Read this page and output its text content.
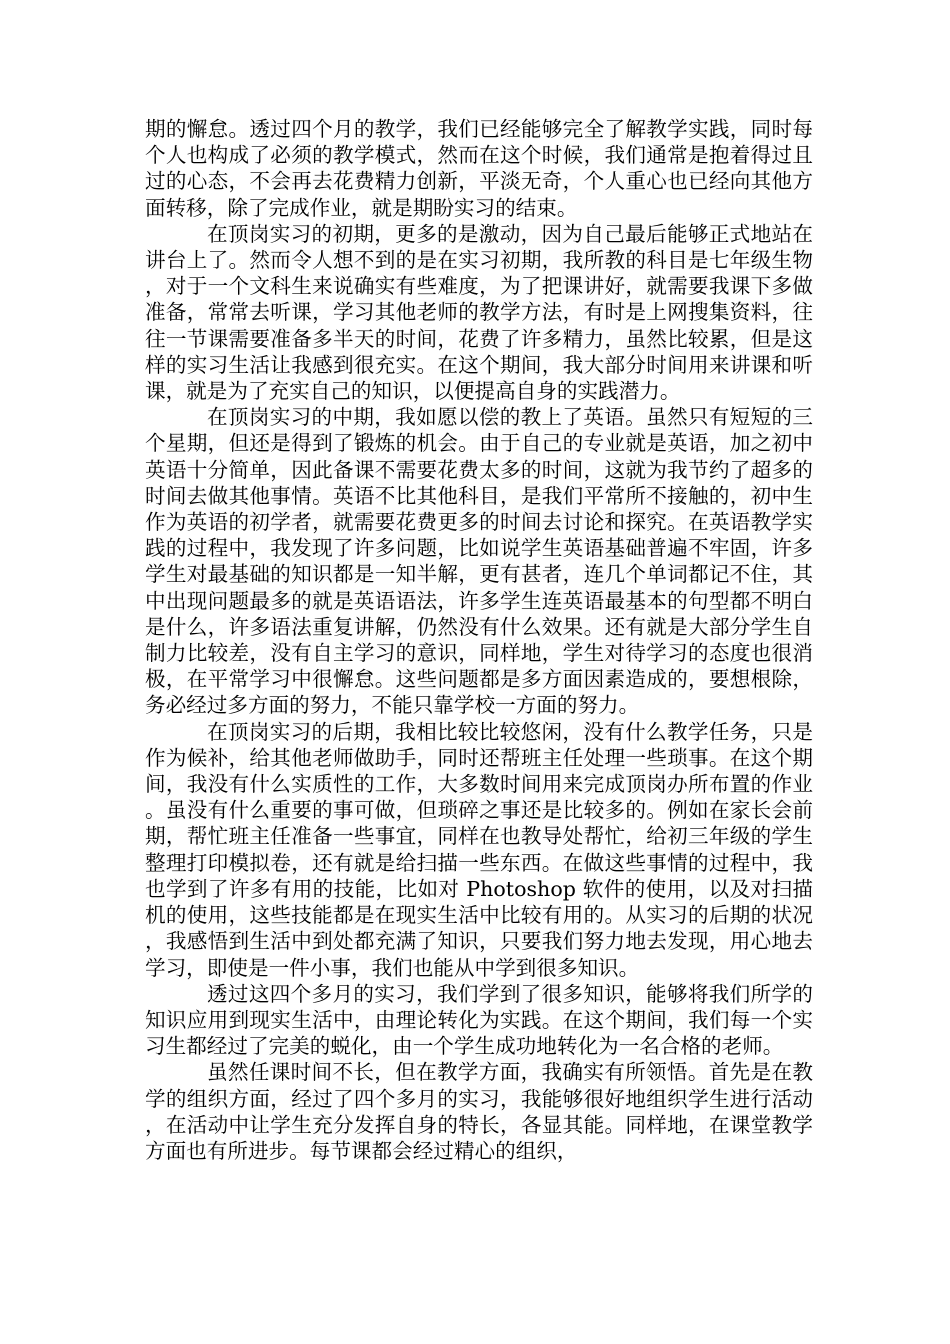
期的懈怠。透过四个月的教学，我们已经能够完全了解教学实践，同时每个人也构成了必须的教学模式，然而在这个时候，我们通常是抱着得过且过的心态，不会再去花费精力创新，平淡无奇，个人重心也已经向其他方面转移，除了完成作业，就是期盼实习的结束。

在顶岗实习的初期，更多的是激动，因为自己最后能够正式地站在讲台上了。然而令人想不到的是在实习初期，我所教的科目是七年级生物，对于一个文科生来说确实有些难度，为了把课讲好，就需要我课下多做准备，常常去听课，学习其他老师的教学方法，有时是上网搜集资料，往往一节课需要准备多半天的时间，花费了许多精力，虽然比较累，但是这样的实习生活让我感到很充实。在这个期间，我大部分时间用来讲课和听课，就是为了充实自己的知识，以便提高自身的实践潜力。

在顶岗实习的中期，我如愿以偿的教上了英语。虽然只有短短的三个星期，但还是得到了锻炼的机会。由于自己的专业就是英语，加之初中英语十分简单，因此备课不需要花费太多的时间，这就为我节约了超多的时间去做其他事情。英语不比其他科目，是我们平常所不接触的，初中生作为英语的初学者，就需要花费更多的时间去讨论和探究。在英语教学实践的过程中，我发现了许多问题，比如说学生英语基础普遍不牢固，许多学生对最基础的知识都是一知半解，更有甚者，连几个单词都记不住，其中出现问题最多的就是英语语法，许多学生连英语最基本的句型都不明白是什么，许多语法重复讲解，仍然没有什么效果。还有就是大部分学生自制力比较差，没有自主学习的意识，同样地，学生对待学习的态度也很消极，在平常学习中很懈怠。这些问题都是多方面因素造成的，要想根除，务必经过多方面的努力，不能只靠学校一方面的努力。

在顶岗实习的后期，我相比较比较悠闲，没有什么教学任务，只是作为候补，给其他老师做助手，同时还帮班主任处理一些琐事。在这个期间，我没有什么实质性的工作，大多数时间用来完成顶岗办所布置的作业。虽没有什么重要的事可做，但琐碎之事还是比较多的。例如在家长会前期，帮忙班主任准备一些事宜，同样在也教导处帮忙，给初三年级的学生整理打印模拟卷，还有就是给扫描一些东西。在做这些事情的过程中，我也学到了许多有用的技能，比如对 Photoshop 软件的使用，以及对扫描机的使用，这些技能都是在现实生活中比较有用的。从实习的后期的状况，我感悟到生活中到处都充满了知识，只要我们努力地去发现，用心地去学习，即使是一件小事，我们也能从中学到很多知识。

透过这四个多月的实习，我们学到了很多知识，能够将我们所学的知识应用到现实生活中，由理论转化为实践。在这个期间，我们每一个实习生都经过了完美的蜕化，由一个学生成功地转化为一名合格的老师。

虽然任课时间不长，但在教学方面，我确实有所领悟。首先是在教学的组织方面，经过了四个多月的实习，我能够很好地组织学生进行活动，在活动中让学生充分发挥自身的特长，各显其能。同样地，在课堂教学方面也有所进步。每节课都会经过精心的组织，
